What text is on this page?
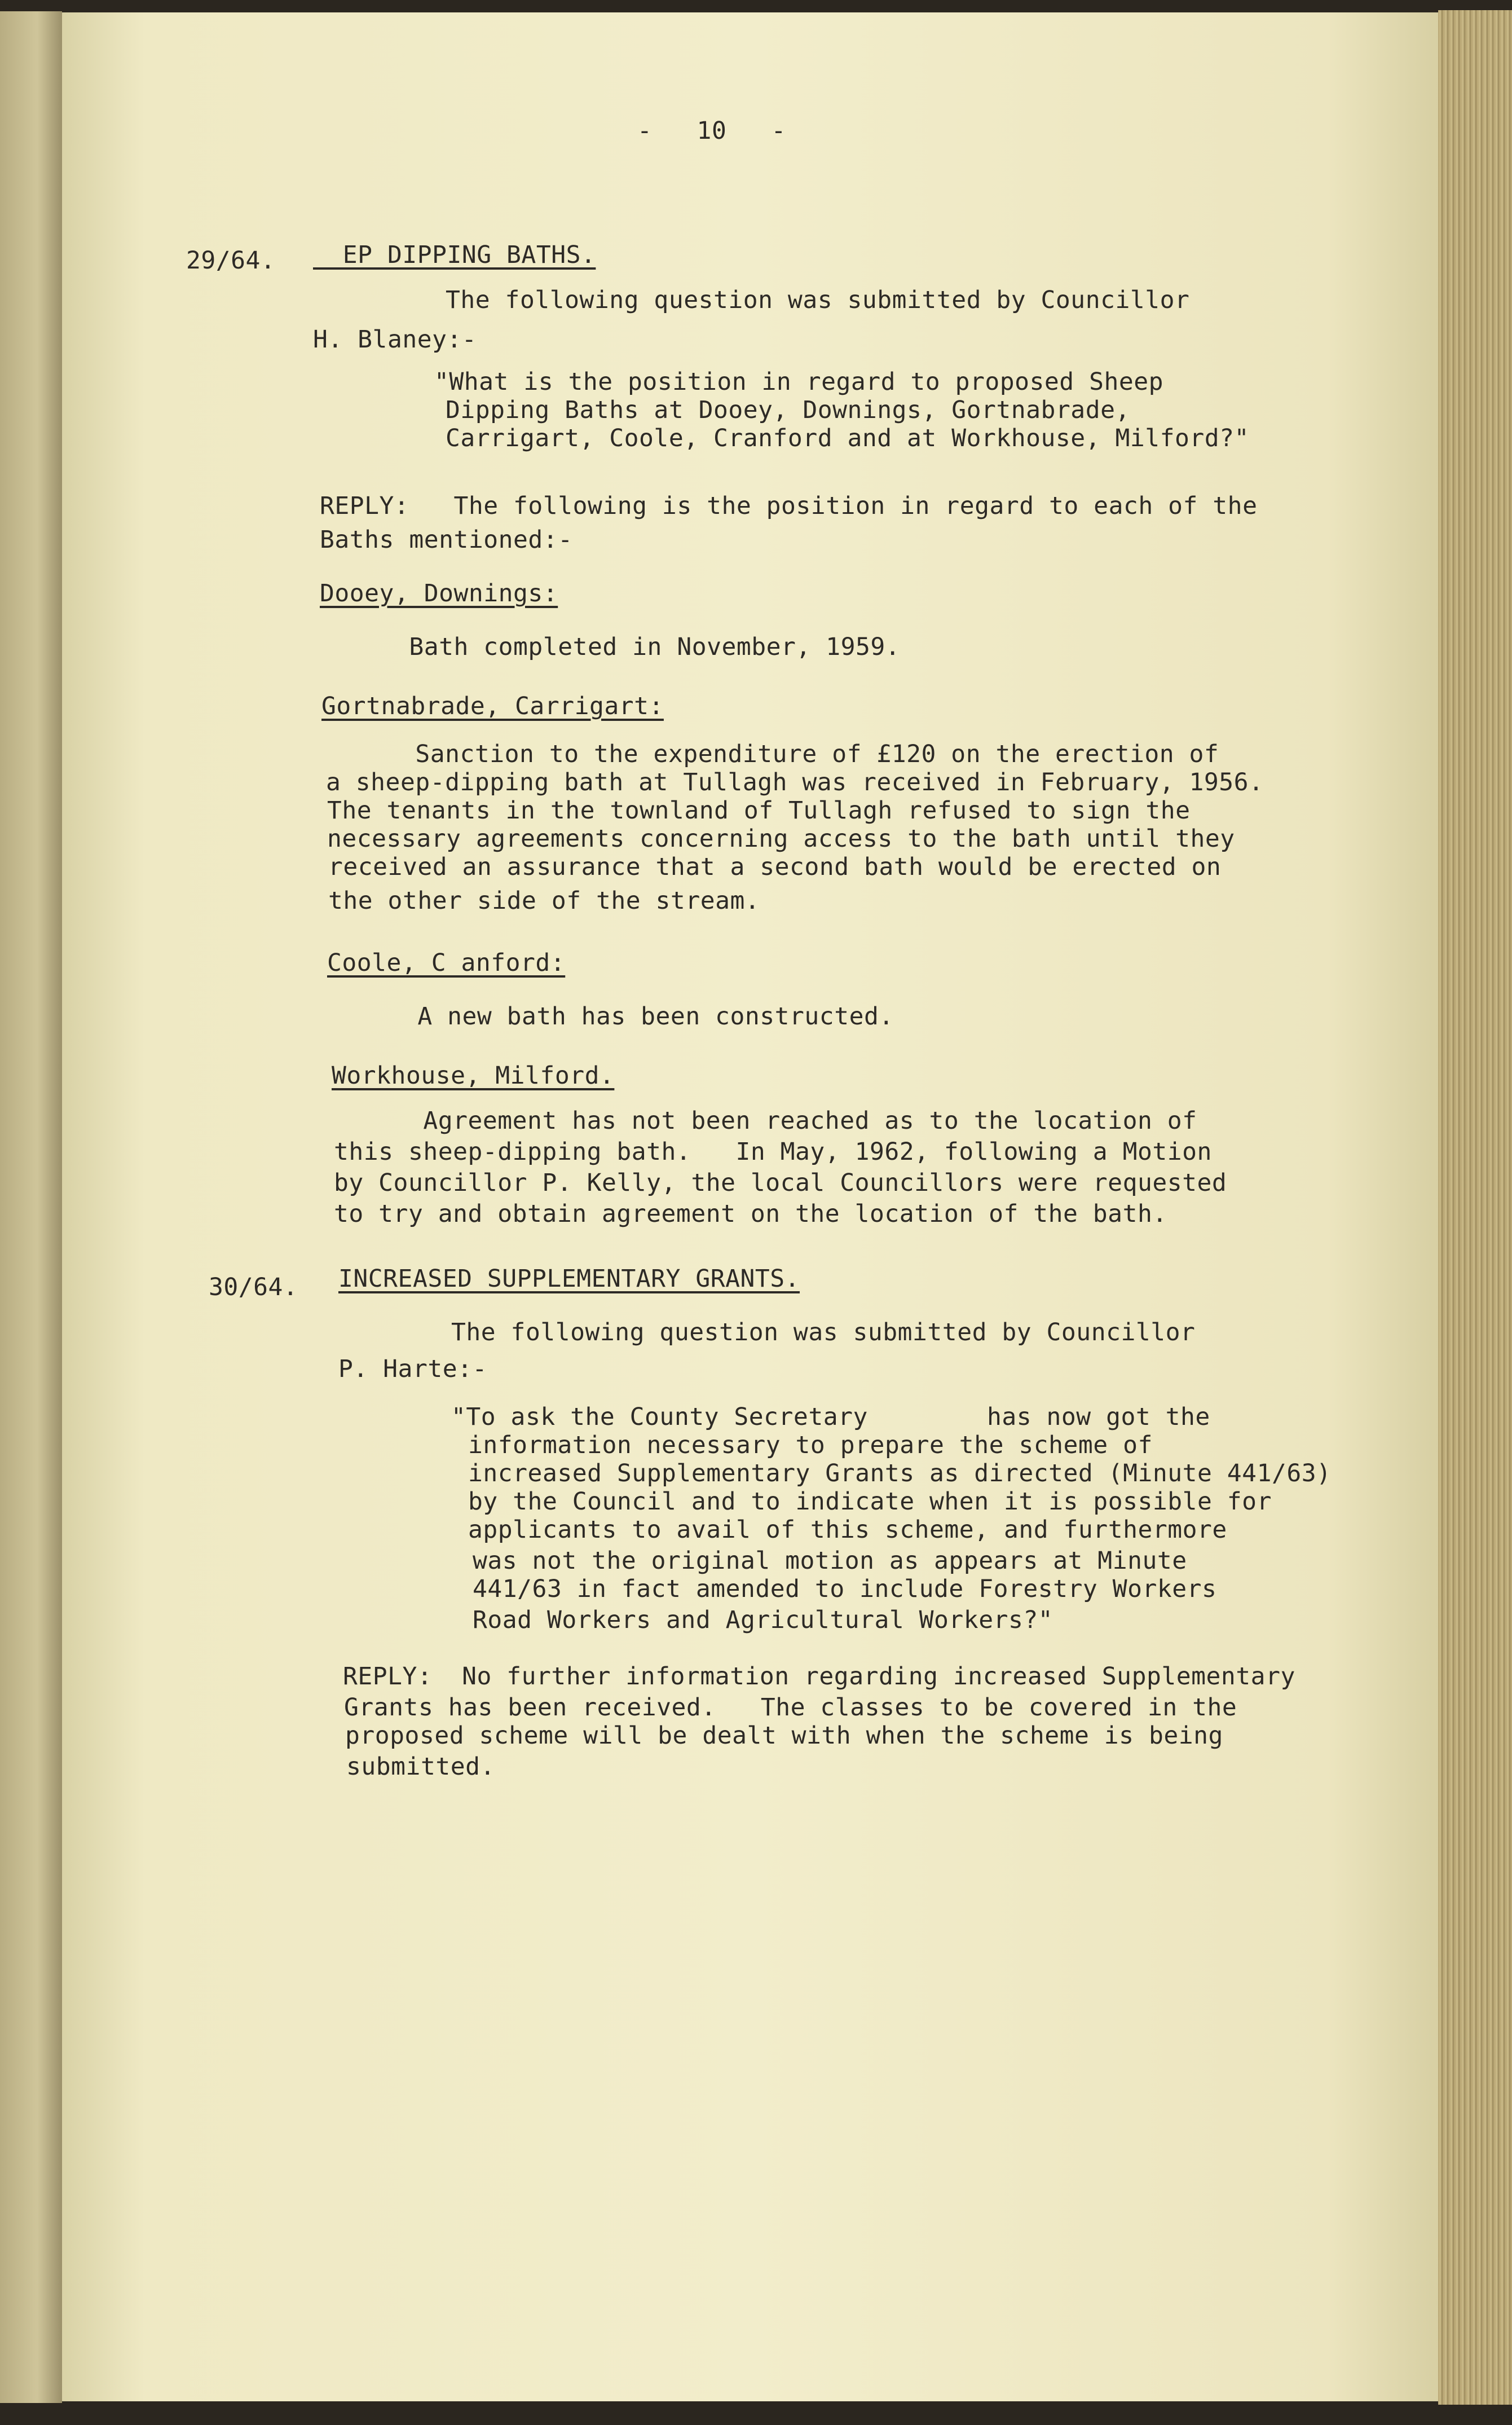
-   10   -
29/64. EP DIPPING BATHS.
The following question was submitted by Councillor
H. Blaney:-
"What is the position in regard to proposed Sheep
Dipping Baths at Dooey, Downings, Gortnabrade,
Carrigart, Coole, Cranford and at Workhouse, Milford?"
REPLY:   The following is the position in regard to each of the
Baths mentioned:-
Dooey, Downings:
Bath completed in November, 1959.
Gortnabrade, Carrigart:
Sanction to the expenditure of £120 on the erection of
a sheep-dipping bath at Tullagh was received in February, 1956.
The tenants in the townland of Tullagh refused to sign the
necessary agreements concerning access to the bath until they
received an assurance that a second bath would be erected on
the other side of the stream.
Coole, C anford:
A new bath has been constructed.
Workhouse, Milford.
Agreement has not been reached as to the location of
this sheep-dipping bath.   In May, 1962, following a Motion
by Councillor P. Kelly, the local Councillors were requested
to try and obtain agreement on the location of the bath.
30/64. INCREASED SUPPLEMENTARY GRANTS.
The following question was submitted by Councillor
P. Harte:-
"To ask the County Secretary        has now got the
information necessary to prepare the scheme of
increased Supplementary Grants as directed (Minute 441/63)
by the Council and to indicate when it is possible for
applicants to avail of this scheme, and furthermore
was not the original motion as appears at Minute
441/63 in fact amended to include Forestry Workers
Road Workers and Agricultural Workers?"
REPLY:  No further information regarding increased Supplementary
Grants has been received.   The classes to be covered in the
proposed scheme will be dealt with when the scheme is being
submitted.
